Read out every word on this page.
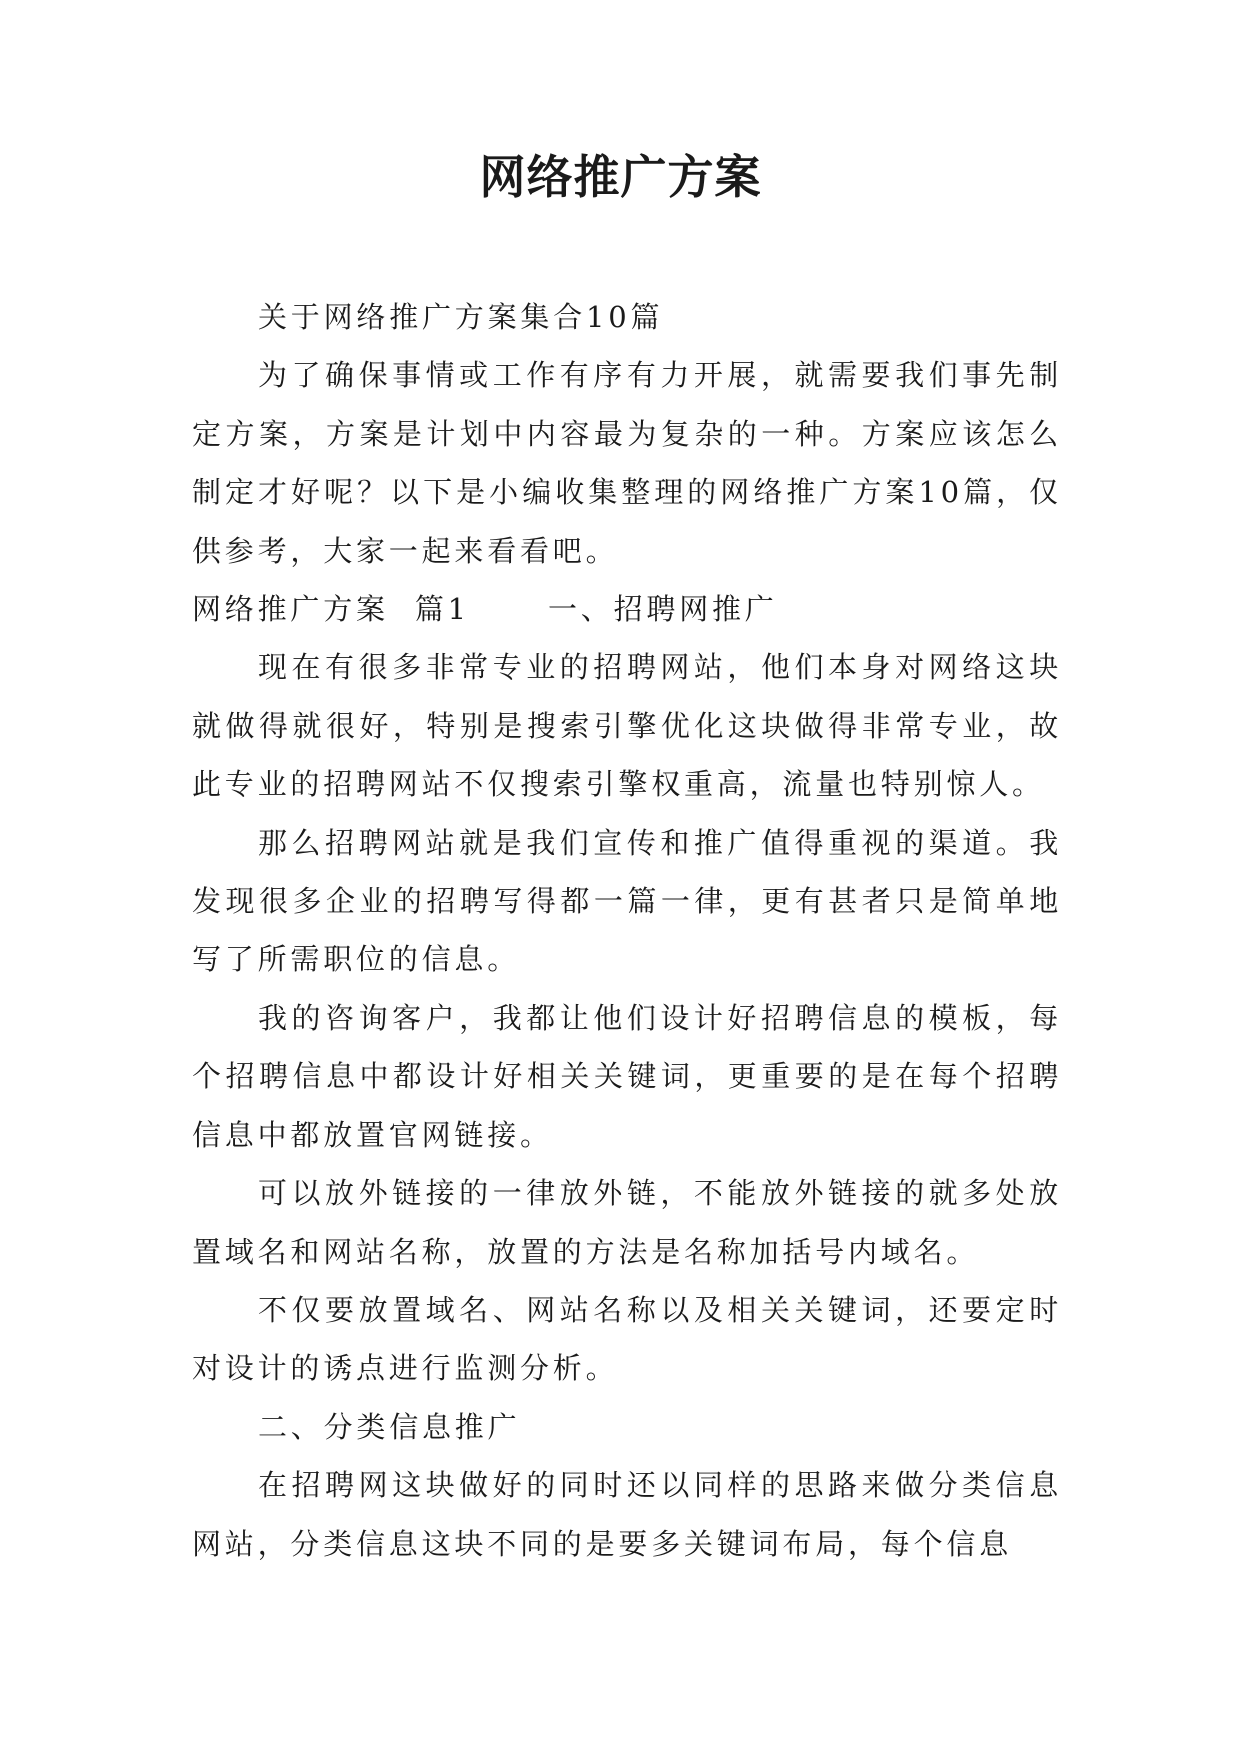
网络推广方案

关于网络推广方案集合10篇

为了确保事情或工作有序有力开展，就需要我们事先制定方案，方案是计划中内容最为复杂的一种。方案应该怎么制定才好呢？以下是小编收集整理的网络推广方案10篇，仅供参考，大家一起来看看吧。

网络推广方案  篇1      一、招聘网推广

现在有很多非常专业的招聘网站，他们本身对网络这块就做得就很好，特别是搜索引擎优化这块做得非常专业，故此专业的招聘网站不仅搜索引擎权重高，流量也特别惊人。

那么招聘网站就是我们宣传和推广值得重视的渠道。我发现很多企业的招聘写得都一篇一律，更有甚者只是简单地写了所需职位的信息。

我的咨询客户，我都让他们设计好招聘信息的模板，每个招聘信息中都设计好相关关键词，更重要的是在每个招聘信息中都放置官网链接。

可以放外链接的一律放外链，不能放外链接的就多处放置域名和网站名称，放置的方法是名称加括号内域名。

不仅要放置域名、网站名称以及相关关键词，还要定时对设计的诱点进行监测分析。

二、分类信息推广

在招聘网这块做好的同时还以同样的思路来做分类信息网站，分类信息这块不同的是要多关键词布局，每个信息
